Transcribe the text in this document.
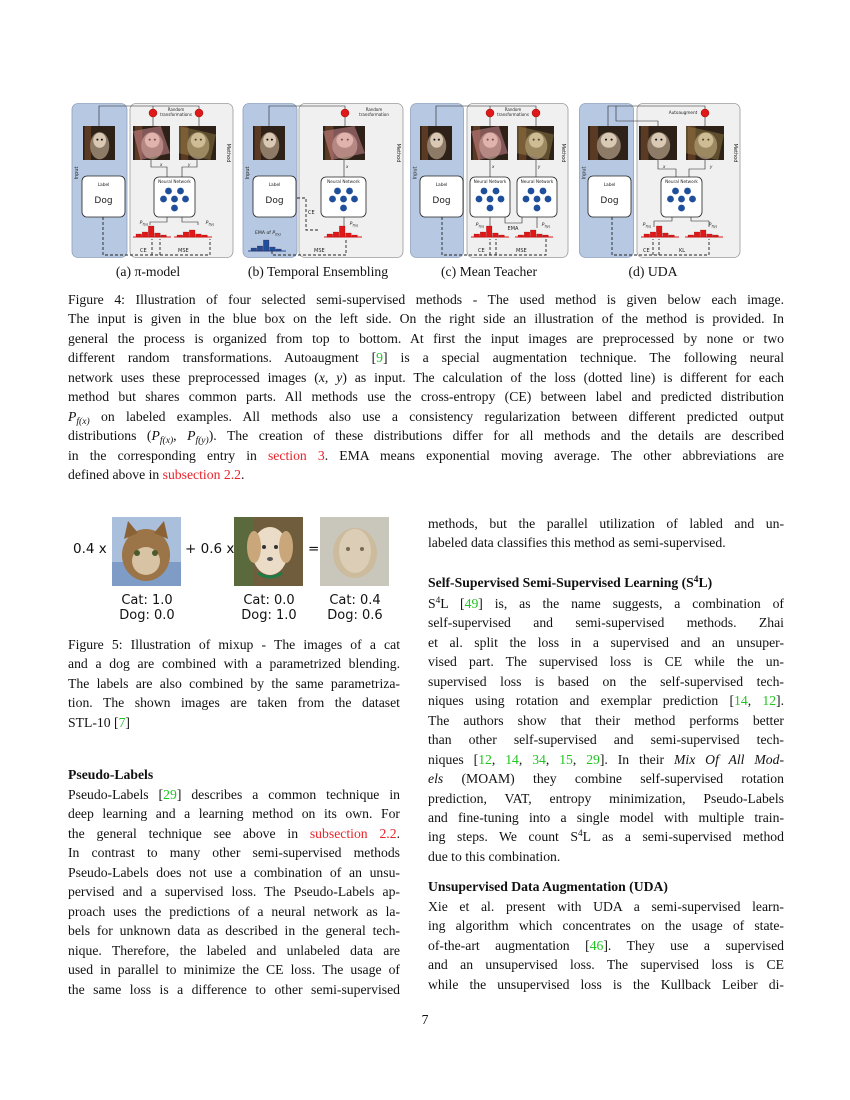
Input
Method
Label
Dog
Random
transformations
x	y
Neural Network
$P_{f(x)}$	$P_{f(y)}$
CE	MSE
Input
Method
Label
Dog
Random
transformation
x
Neural Network
$P_{f(x)}$
EMA of $P_{f(x)}$
CE
MSE
Input
Method
Label
Dog
Random
transformations
x	y
Neural Network	Neural Network
EMA
$P_{f(x)}$	$P_{f(y)}$
CE	MSE
Input
Method
Label
Dog
Autoaugment
x	y
Neural Network
$P_{f(x)}$	$P_{f(y)}$
CE	KL
(a) π-model	(b) Temporal Ensembling	(c) Mean Teacher	(d) UDA
Figure 4: Illustration of four selected semi-supervised methods - The used method is given below each image.
The input is given in the blue box on the left side. On the right side an illustration of the method is provided. In
general the process is organized from top to bottom. At first the input images are preprocessed by none or two
different random transformations. Autoaugment [9] is a special augmentation technique. The following neural
network uses these preprocessed images (x, y) as input. The calculation of the loss (dotted line) is different for each
method but shares common parts. All methods use the cross-entropy (CE) between label and predicted distribution
$P_{f(x)}$ on labeled examples. All methods also use a consistency regularization between different predicted output
distributions ($P_{f(x)}$, $P_{f(y)}$). The creation of these distributions differ for all methods and the details are described
in the corresponding entry in section 3. EMA means exponential moving average. The other abbreviations are
defined above in subsection 2.2.
0.4 x	+ 0.6 x	=
Cat: 1.0
Dog: 0.0
Cat: 0.0
Dog: 1.0
Cat: 0.4
Dog: 0.6
Figure 5: Illustration of mixup - The images of a cat
and a dog are combined with a parametrized blending.
The labels are also combined by the same parametriza-
tion. The shown images are taken from the dataset
STL-10 [7]
Pseudo-Labels
Pseudo-Labels [29] describes a common technique in
deep learning and a learning method on its own. For
the general technique see above in subsection 2.2.
In contrast to many other semi-supervised methods
Pseudo-Labels does not use a combination of an unsu-
pervised and a supervised loss. The Pseudo-Labels ap-
proach uses the predictions of a neural network as la-
bels for unknown data as described in the general tech-
nique. Therefore, the labeled and unlabeled data are
used in parallel to minimize the CE loss. The usage of
the same loss is a difference to other semi-supervised
methods, but the parallel utilization of labled and un-
labeled data classifies this method as semi-supervised.
Self-Supervised Semi-Supervised Learning $(S^4L)$
$S^4L$ [49] is, as the name suggests, a combination of
self-supervised and semi-supervised methods. Zhai
et al. split the loss in a supervised and an unsuper-
vised part. The supervised loss is CE while the un-
supervised loss is based on the self-supervised tech-
niques using rotation and exemplar prediction [14, 12].
The authors show that their method performs better
than other self-supervised and semi-supervised tech-
niques [12, 14, 34, 15, 29]. In their Mix Of All Mod-
els (MOAM) they combine self-supervised rotation
prediction, VAT, entropy minimization, Pseudo-Labels
and fine-tuning into a single model with multiple train-
ing steps. We count $S^4L$ as a semi-supervised method
due to this combination.
Unsupervised Data Augmentation (UDA)
Xie et al. present with UDA a semi-supervised learn-
ing algorithm which concentrates on the usage of state-
of-the-art augmentation [46]. They use a supervised
and an unsupervised loss. The supervised loss is CE
while the unsupervised loss is the Kullback Leiber di-
7
